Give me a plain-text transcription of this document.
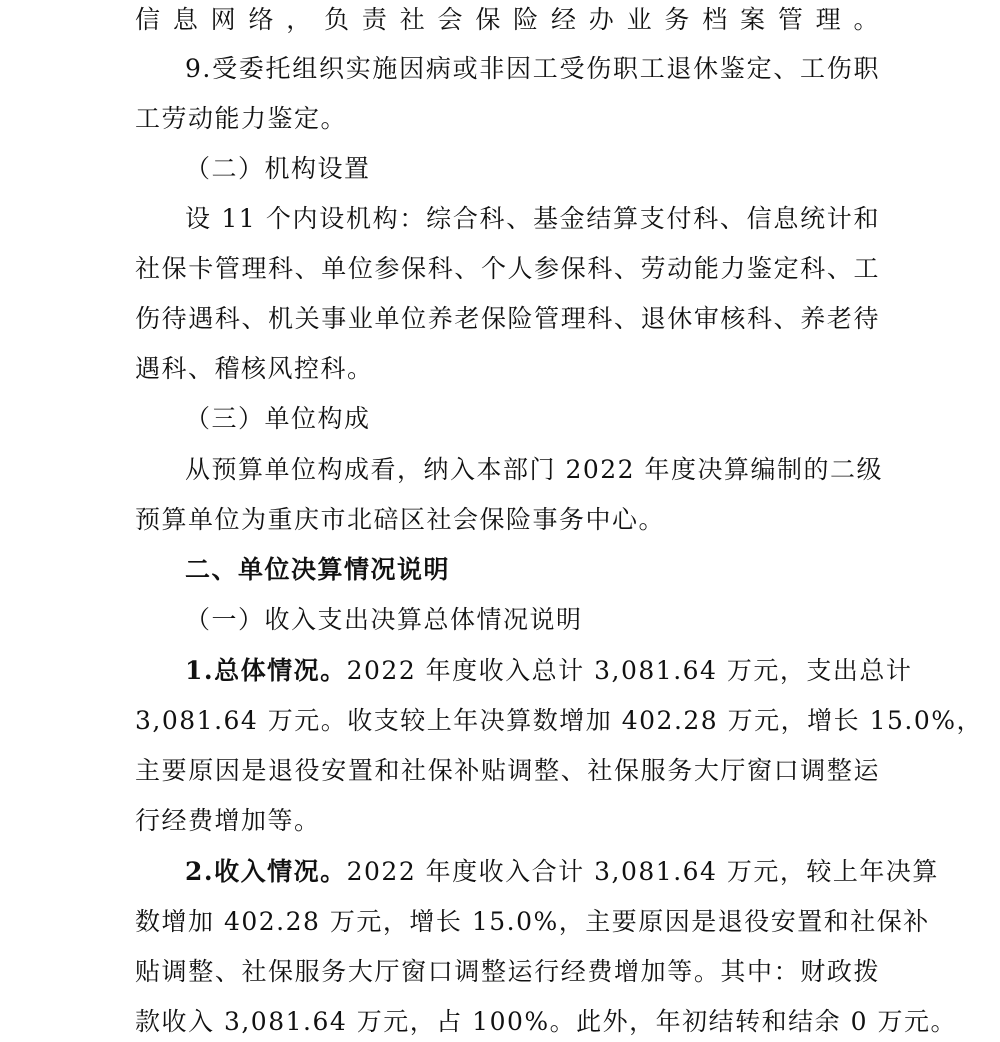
信息网络，负责社会保险经办业务档案管理。
9.受委托组织实施因病或非因工受伤职工退休鉴定、工伤职
工劳动能力鉴定。
（二）机构设置
设 11 个内设机构：综合科、基金结算支付科、信息统计和
社保卡管理科、单位参保科、个人参保科、劳动能力鉴定科、工
伤待遇科、机关事业单位养老保险管理科、退休审核科、养老待
遇科、稽核风控科。
（三）单位构成
从预算单位构成看，纳入本部门 2022 年度决算编制的二级
预算单位为重庆市北碚区社会保险事务中心。
二、单位决算情况说明
（一）收入支出决算总体情况说明
1.总体情况。2022 年度收入总计 3,081.64 万元，支出总计
3,081.64 万元。收支较上年决算数增加 402.28 万元，增长 15.0%，
主要原因是退役安置和社保补贴调整、社保服务大厅窗口调整运
行经费增加等。
2.收入情况。2022 年度收入合计 3,081.64 万元，较上年决算
数增加 402.28 万元，增长 15.0%，主要原因是退役安置和社保补
贴调整、社保服务大厅窗口调整运行经费增加等。其中：财政拨
款收入 3,081.64 万元，占 100%。此外，年初结转和结余 0 万元。
